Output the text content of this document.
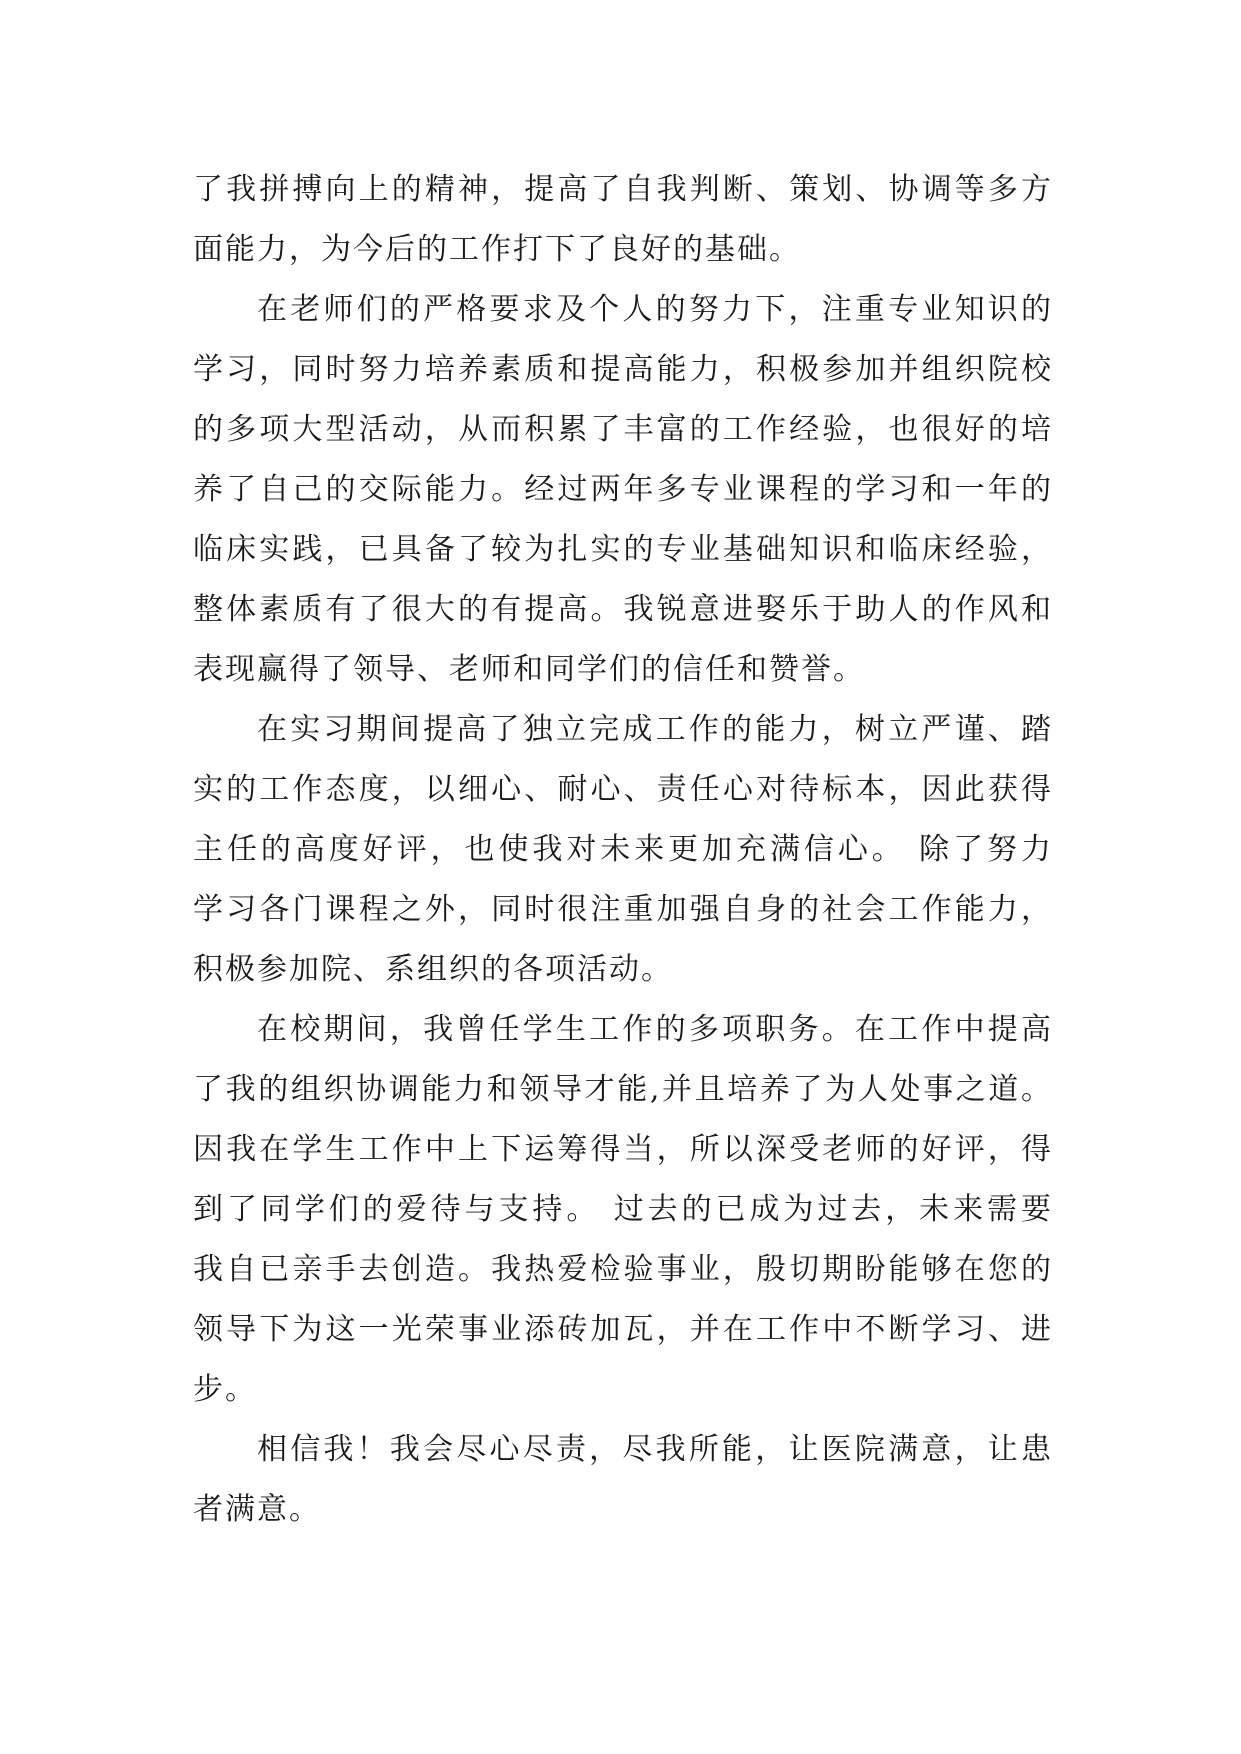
了我拼搏向上的精神，提高了自我判断、策划、协调等多方
面能力，为今后的工作打下了良好的基础。
在老师们的严格要求及个人的努力下，注重专业知识的
学习，同时努力培养素质和提高能力，积极参加并组织院校
的多项大型活动，从而积累了丰富的工作经验，也很好的培
养了自己的交际能力。经过两年多专业课程的学习和一年的
临床实践，已具备了较为扎实的专业基础知识和临床经验，
整体素质有了很大的有提高。我锐意进娶乐于助人的作风和
表现赢得了领导、老师和同学们的信任和赞誉。
在实习期间提高了独立完成工作的能力，树立严谨、踏
实的工作态度，以细心、耐心、责任心对待标本，因此获得
主任的高度好评，也使我对未来更加充满信心。 除了努力
学习各门课程之外，同时很注重加强自身的社会工作能力，
积极参加院、系组织的各项活动。
在校期间，我曾任学生工作的多项职务。在工作中提高
了我的组织协调能力和领导才能,并且培养了为人处事之道。
因我在学生工作中上下运筹得当，所以深受老师的好评，得
到了同学们的爱待与支持。 过去的已成为过去，未来需要
我自已亲手去创造。我热爱检验事业，殷切期盼能够在您的
领导下为这一光荣事业添砖加瓦，并在工作中不断学习、进
步。
相信我！我会尽心尽责，尽我所能，让医院满意，让患
者满意。
